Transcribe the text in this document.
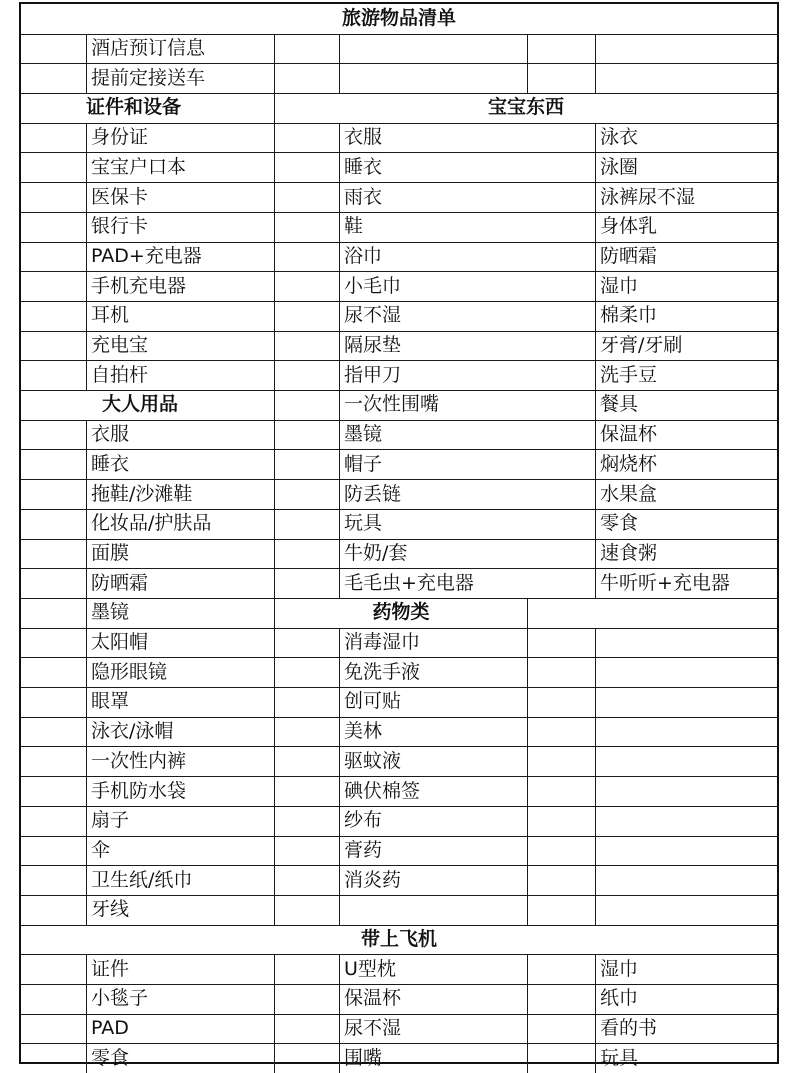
旅游物品清单
酒店预订信息
提前定接送车
证件和设备	宝宝东西
身份证	衣服	泳衣
宝宝户口本	睡衣	泳圈
医保卡	雨衣	泳裤尿不湿
银行卡	鞋	身体乳
PAD+充电器	浴巾	防晒霜
手机充电器	小毛巾	湿巾
耳机	尿不湿	棉柔巾
充电宝	隔尿垫	牙膏/牙刷
自拍杆	指甲刀	洗手豆
大人用品	一次性围嘴	餐具
衣服	墨镜	保温杯
睡衣	帽子	焖烧杯
拖鞋/沙滩鞋	防丢链	水果盒
化妆品/护肤品	玩具	零食
面膜	牛奶/套	速食粥
防晒霜	毛毛虫+充电器	牛听听+充电器
墨镜	药物类
太阳帽	消毒湿巾
隐形眼镜	免洗手液
眼罩	创可贴
泳衣/泳帽	美林
一次性内裤	驱蚊液
手机防水袋	碘伏棉签
扇子	纱布
伞	膏药
卫生纸/纸巾	消炎药
牙线
带上飞机
证件	U型枕	湿巾
小毯子	保温杯	纸巾
PAD	尿不湿	看的书
零食	围嘴	玩具
